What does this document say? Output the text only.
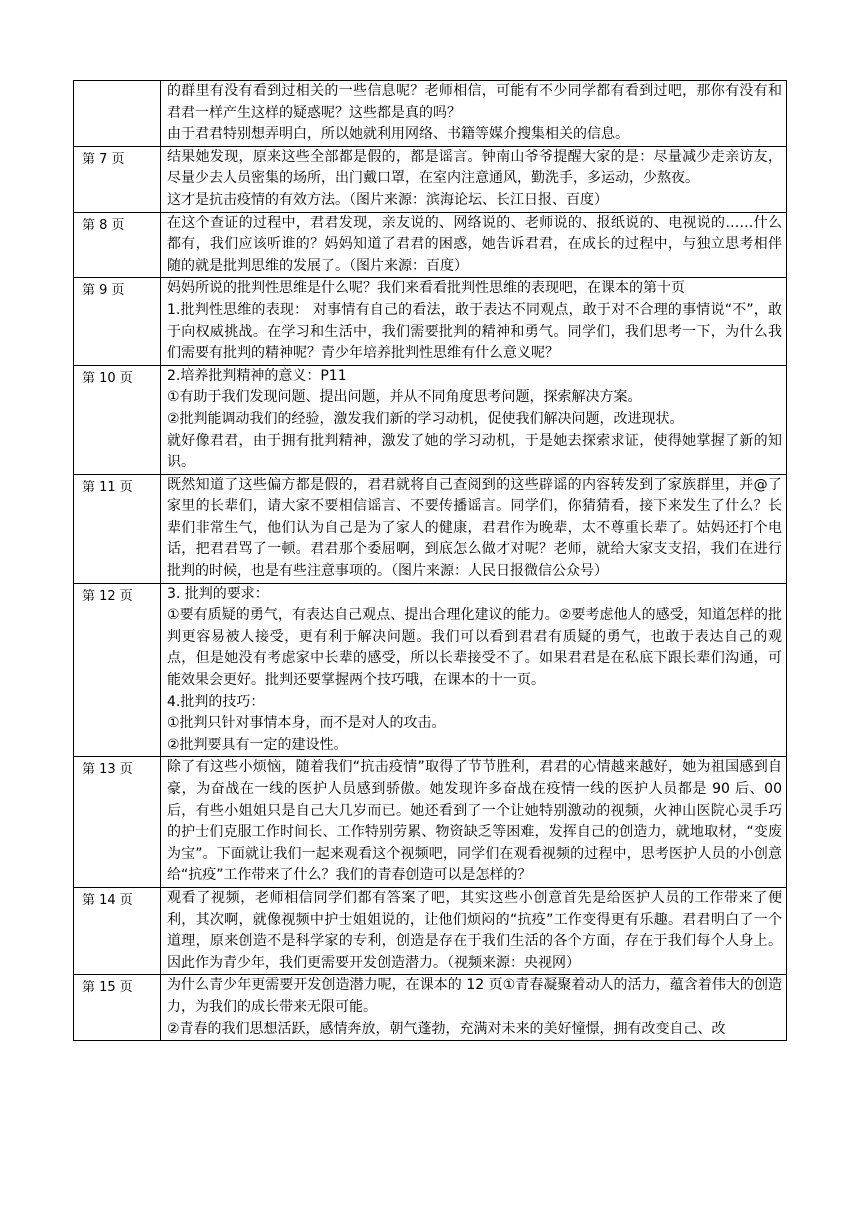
的群里有没有看到过相关的一些信息呢？老师相信，可能有不少同学都有看到过吧，那你有没有和君君一样产生这样的疑惑呢？这些都是真的吗？

由于君君特别想弄明白，所以她就利用网络、书籍等媒介搜集相关的信息。

第 7 页	结果她发现，原来这些全部都是假的，都是谣言。钟南山爷爷提醒大家的是：尽量减少走亲访友，尽量少去人员密集的场所，出门戴口罩，在室内注意通风，勤洗手，多运动，少熬夜。

这才是抗击疫情的有效方法。（图片来源：滨海论坛、长江日报、百度）

第 8 页	在这个查证的过程中，君君发现，亲友说的、网络说的、老师说的、报纸说的、电视说的……什么都有，我们应该听谁的？妈妈知道了君君的困惑，她告诉君君，在成长的过程中，与独立思考相伴随的就是批判思维的发展了。（图片来源：百度）

第 9 页	妈妈所说的批判性思维是什么呢？我们来看看批判性思维的表现吧，在课本的第十页

1.批判性思维的表现： 对事情有自己的看法，敢于表达不同观点，敢于对不合理的事情说“不”，敢于向权威挑战。在学习和生活中，我们需要批判的精神和勇气。同学们，我们思考一下，为什么我们需要有批判的精神呢？青少年培养批判性思维有什么意义呢？

第 10 页	2.培养批判精神的意义：P11

①有助于我们发现问题、提出问题，并从不同角度思考问题，探索解决方案。

②批判能调动我们的经验，激发我们新的学习动机，促使我们解决问题，改进现状。

就好像君君，由于拥有批判精神，激发了她的学习动机，于是她去探索求证，使得她掌握了新的知识。

第 11 页	既然知道了这些偏方都是假的，君君就将自己查阅到的这些辟谣的内容转发到了家族群里，并@了家里的长辈们，请大家不要相信谣言、不要传播谣言。同学们，你猜猜看，接下来发生了什么？长辈们非常生气，他们认为自己是为了家人的健康，君君作为晚辈，太不尊重长辈了。姑妈还打个电话，把君君骂了一顿。君君那个委屈啊，到底怎么做才对呢？老师，就给大家支支招，我们在进行批判的时候，也是有些注意事项的。（图片来源：人民日报微信公众号）

第 12 页	3. 批判的要求：

①要有质疑的勇气，有表达自己观点、提出合理化建议的能力。②要考虑他人的感受，知道怎样的批判更容易被人接受，更有利于解决问题。我们可以看到君君有质疑的勇气，也敢于表达自己的观点，但是她没有考虑家中长辈的感受，所以长辈接受不了。如果君君是在私底下跟长辈们沟通，可能效果会更好。批判还要掌握两个技巧哦，在课本的十一页。

4.批判的技巧：

①批判只针对事情本身，而不是对人的攻击。

②批判要具有一定的建设性。

第 13 页	除了有这些小烦恼，随着我们“抗击疫情”取得了节节胜利，君君的心情越来越好，她为祖国感到自豪，为奋战在一线的医护人员感到骄傲。她发现许多奋战在疫情一线的医护人员都是 90 后、00 后，有些小姐姐只是自己大几岁而已。她还看到了一个让她特别激动的视频，火神山医院心灵手巧的护士们克服工作时间长、工作特别劳累、物资缺乏等困难，发挥自己的创造力，就地取材，“变废为宝”。下面就让我们一起来观看这个视频吧，同学们在观看视频的过程中，思考医护人员的小创意给“抗疫”工作带来了什么？我们的青春创造可以是怎样的？

第 14 页	观看了视频，老师相信同学们都有答案了吧，其实这些小创意首先是给医护人员的工作带来了便利，其次啊，就像视频中护士姐姐说的，让他们烦闷的“抗疫”工作变得更有乐趣。君君明白了一个道理，原来创造不是科学家的专利，创造是存在于我们生活的各个方面，存在于我们每个人身上。因此作为青少年，我们更需要开发创造潜力。（视频来源：央视网）

第 15 页	为什么青少年更需要开发创造潜力呢，在课本的 12 页①青春凝聚着动人的活力，蕴含着伟大的创造力，为我们的成长带来无限可能。

②青春的我们思想活跃，感情奔放，朝气蓬勃，充满对未来的美好憧憬，拥有改变自己、改
